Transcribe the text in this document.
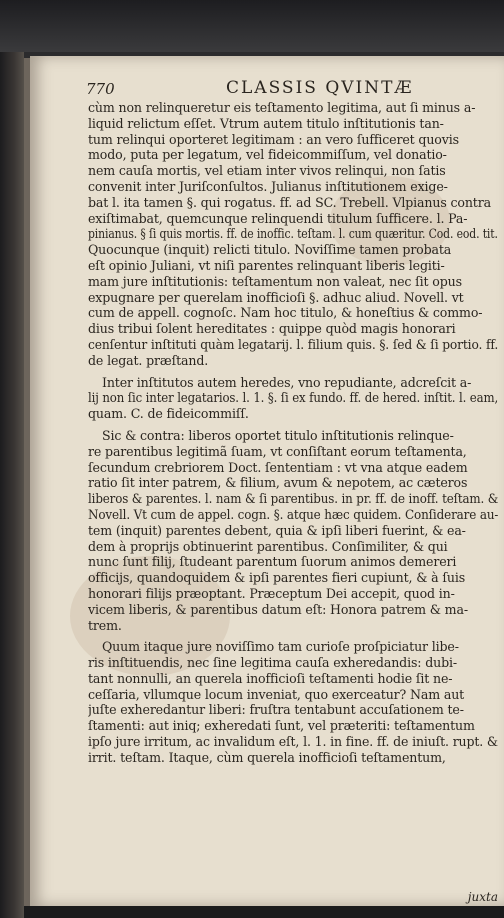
770	CLASSIS QVINTÆ
cùm non relinqueretur eis teſtamento legitima, aut ſi minus a-
liquid relictum eſſet. Vtrum autem titulo inſtitutionis tan-
tum relinqui oporteret legitimam : an vero ſufficeret quovis
modo, puta per legatum, vel fideicommiſſum, vel donatio-
nem cauſa mortis, vel etiam inter vivos relinqui, non ſatis
convenit inter Juriſconſultos. Julianus inſtitutionem exige-
bat l. ita tamen §. qui rogatus. ff. ad SC. Trebell. Vlpianus contra
exiſtimabat, quemcunque relinquendi titulum ſufficere. l. Pa-
pinianus. § ſi quis mortis. ff. de inoffic. teſtam. l. cum quæritur. Cod. eod. tit.
Quocunque (inquit) relicti titulo. Noviſſime tamen probata
eſt opinio Juliani, vt niſi parentes relinquant liberis legiti-
mam jure inſtitutionis: teſtamentum non valeat, nec ſit opus
expugnare per querelam inofficioſi §. adhuc aliud. Novell. vt
cum de appell. cognoſc. Nam hoc titulo, & honeſtius & commo-
dius tribui ſolent hereditates : quippe quòd magis honorari
cenſentur inſtituti quàm legatarij. l. filium quis. §. ſed & ſi portio. ff.
de legat. præſtand.
Inter inſtitutos autem heredes, vno repudiante, adcreſcit a-
lij non ſic inter legatarios. l. 1. §. ſi ex fundo. ff. de hered. inſtit. l. eam,
quam. C. de fideicommiſſ.
Sic & contra: liberos oportet titulo inſtitutionis relinque-
re parentibus legitimã ſuam, vt conſiſtant eorum teſtamenta,
ſecundum crebriorem Doct. ſententiam : vt vna atque eadem
ratio ſit inter patrem, & filium, avum & nepotem, ac cæteros
liberos & parentes. l. nam & ſi parentibus. in pr. ff. de inoff. teſtam. &
Novell. Vt cum de appel. cogn. §. atque hæc quidem. Conſiderare au-
tem (inquit) parentes debent, quia & ipſi liberi fuerint, & ea-
dem à proprijs obtinuerint parentibus. Conſimiliter, & qui
nunc ſunt filij, ſtudeant parentum ſuorum animos demereri
officijs, quandoquidem & ipſi parentes fieri cupiunt, & à ſuis
honorari filijs præoptant. Præceptum Dei accepit, quod in-
vicem liberis, & parentibus datum eſt: Honora patrem & ma-
trem.
Quum itaque jure noviſſimo tam curioſe proſpiciatur libe-
ris inſtituendis, nec ſine legitima cauſa exheredandis: dubi-
tant nonnulli, an querela inofficioſi teſtamenti hodie ſit ne-
ceſſaria, vllumque locum inveniat, quo exerceatur? Nam aut
juſte exheredantur liberi: fruſtra tentabunt accuſationem te-
ſtamenti: aut iniq; exheredati ſunt, vel præteriti: teſtamentum
ipſo jure irritum, ac invalidum eſt, l. 1. in fine. ff. de iniuſt. rupt. &
irrit. teſtam. Itaque, cùm querela inofficioſi teſtamentum,
juxta
